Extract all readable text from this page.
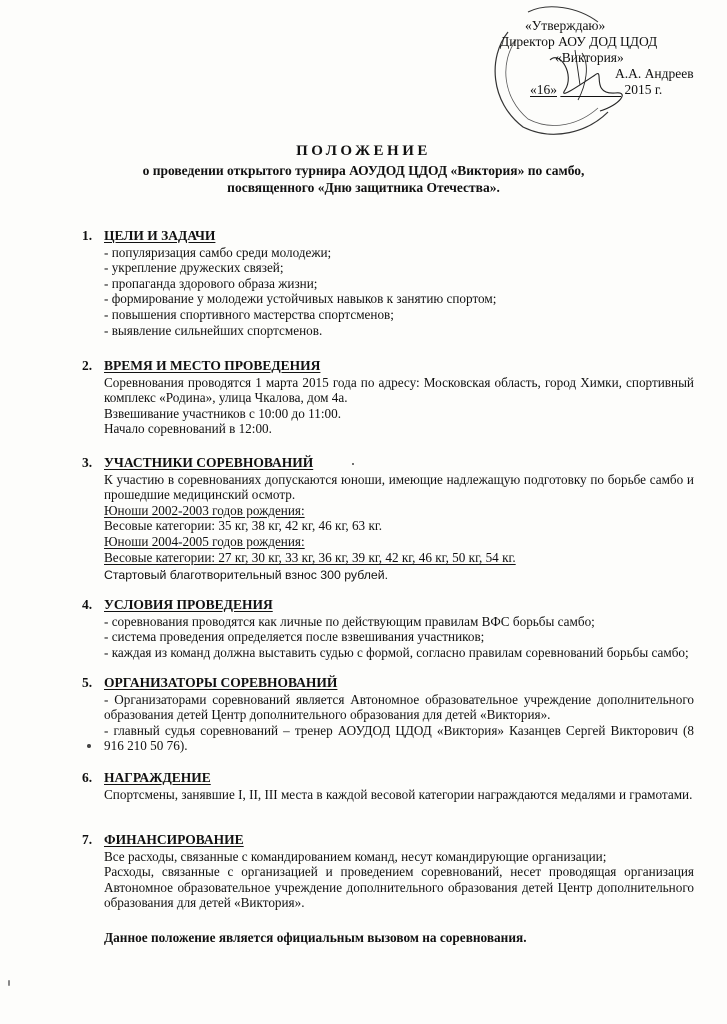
«Утверждаю»
Директор АОУ ДОД ЦДОД
«Виктория»
А.А. Андреев
«16»	2015 г.

ПОЛОЖЕНИЕ

о проведении открытого турнира АОУДОД ЦДОД «Виктория» по самбо,

посвященного «Дню защитника Отечества».

1. ЦЕЛИ И ЗАДАЧИ

- популяризация самбо среди молодежи;

- укрепление дружеских связей;

- пропаганда здорового образа жизни;

- формирование у молодежи устойчивых навыков к занятию спортом;

- повышения спортивного мастерства спортсменов;

- выявление сильнейших спортсменов.

2. ВРЕМЯ И МЕСТО ПРОВЕДЕНИЯ

Соревнования проводятся 1 марта 2015 года по адресу: Московская область, город Химки, спортивный комплекс «Родина», улица Чкалова, дом 4а.

Взвешивание участников с 10:00 до 11:00.

Начало соревнований в 12:00.

3. УЧАСТНИКИ СОРЕВНОВАНИЙ

К участию в соревнованиях допускаются юноши, имеющие надлежащую подготовку по борьбе самбо и прошедшие медицинский осмотр.

Юноши 2002-2003 годов рождения:

Весовые категории: 35 кг, 38 кг, 42 кг, 46 кг, 63 кг.

Юноши 2004-2005 годов рождения:

Весовые категории: 27 кг, 30 кг, 33 кг, 36 кг, 39 кг, 42 кг, 46 кг, 50 кг, 54 кг.

Стартовый благотворительный взнос 300 рублей.

4. УСЛОВИЯ ПРОВЕДЕНИЯ

- соревнования проводятся как личные по действующим правилам ВФС борьбы самбо;

- система проведения определяется после взвешивания участников;

- каждая из команд должна выставить судью с формой, согласно правилам соревнований борьбы самбо;

5. ОРГАНИЗАТОРЫ СОРЕВНОВАНИЙ

- Организаторами соревнований является Автономное образовательное учреждение дополнительного образования детей Центр дополнительного образования для детей «Виктория».

- главный судья соревнований – тренер АОУДОД ЦДОД «Виктория» Казанцев Сергей Викторович (8 916 210 50 76).

6. НАГРАЖДЕНИЕ

Спортсмены, занявшие I, II, III места в каждой весовой категории награждаются медалями и грамотами.

7. ФИНАНСИРОВАНИЕ

Все расходы, связанные с командированием команд, несут командирующие организации;

Расходы, связанные с организацией и проведением соревнований, несет проводящая организация Автономное образовательное учреждение дополнительного образования детей Центр дополнительного образования для детей «Виктория».

Данное положение является официальным вызовом на соревнования.
